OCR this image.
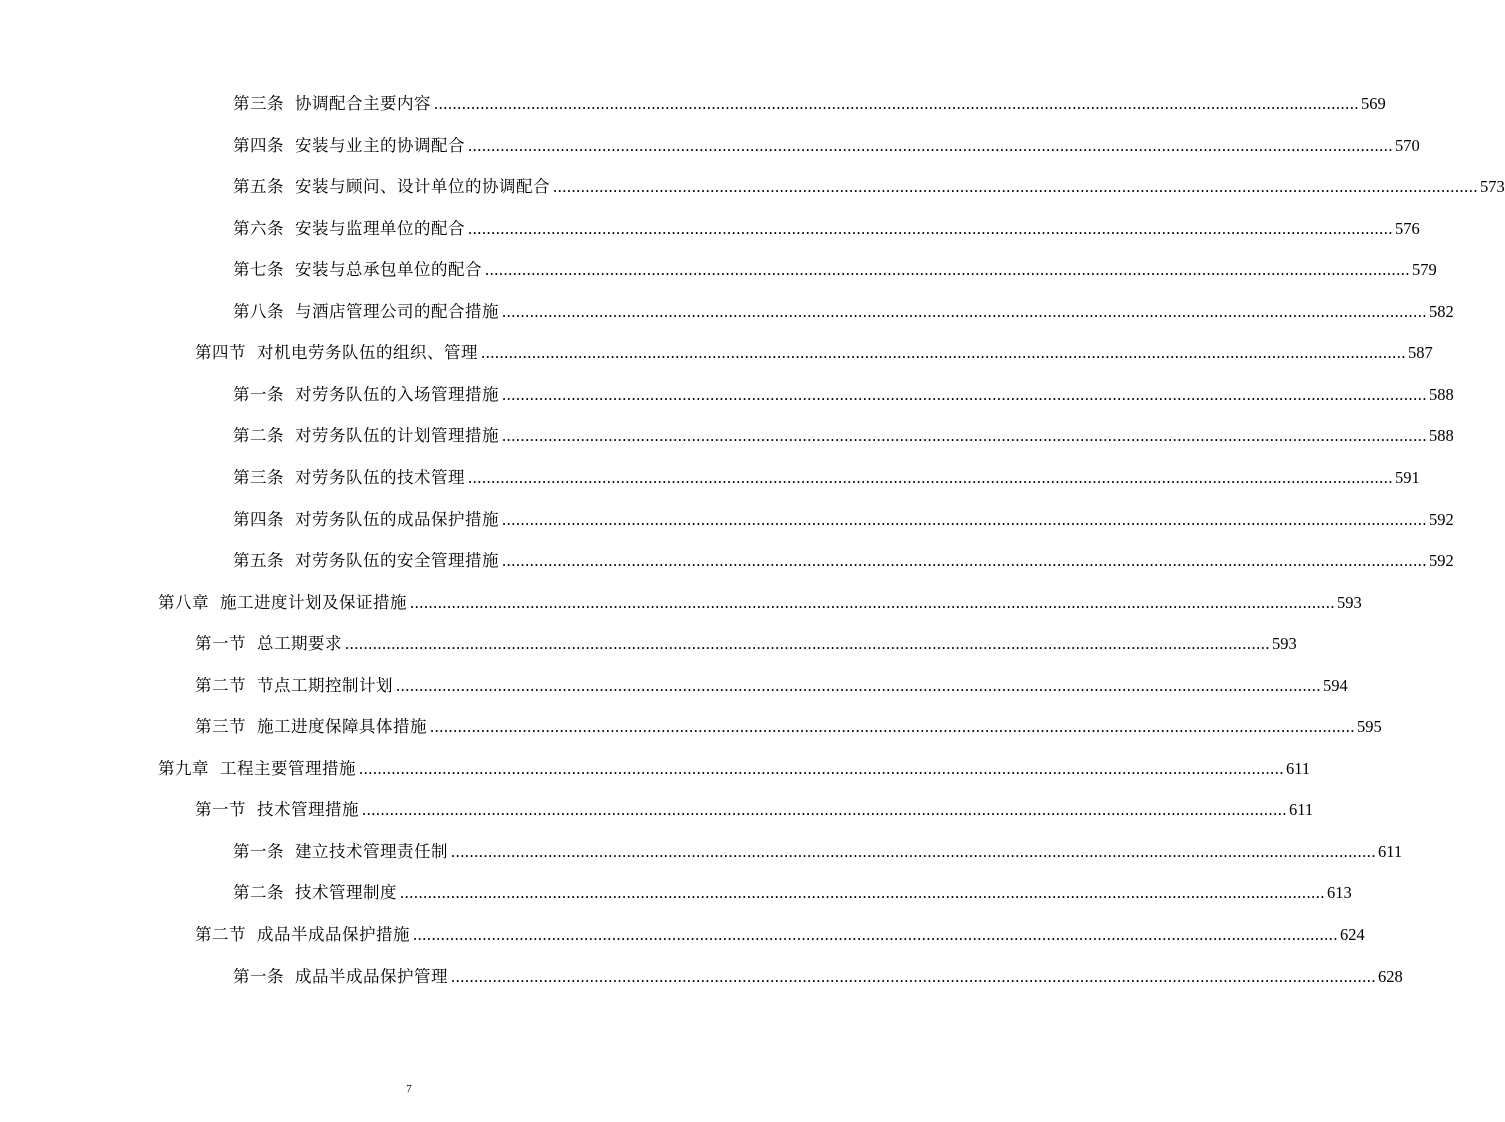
第三条 协调配合主要内容 ........................................................................................................................................................................................................ 569
第四条 安装与业主的协调配合 ........................................................................................................................................................................................................ 570
第五条 安装与顾问、设计单位的协调配合 ........................................................................................................................................................................................................ 573
第六条 安装与监理单位的配合 ........................................................................................................................................................................................................ 576
第七条 安装与总承包单位的配合 ........................................................................................................................................................................................................ 579
第八条 与酒店管理公司的配合措施 ........................................................................................................................................................................................................ 582
第四节 对机电劳务队伍的组织、管理 ........................................................................................................................................................................................................ 587
第一条 对劳务队伍的入场管理措施 ........................................................................................................................................................................................................ 588
第二条 对劳务队伍的计划管理措施 ........................................................................................................................................................................................................ 588
第三条 对劳务队伍的技术管理 ........................................................................................................................................................................................................ 591
第四条 对劳务队伍的成品保护措施 ........................................................................................................................................................................................................ 592
第五条 对劳务队伍的安全管理措施 ........................................................................................................................................................................................................ 592
第八章 施工进度计划及保证措施 ........................................................................................................................................................................................................ 593
第一节 总工期要求 ........................................................................................................................................................................................................ 593
第二节 节点工期控制计划 ........................................................................................................................................................................................................ 594
第三节 施工进度保障具体措施 ........................................................................................................................................................................................................ 595
第九章 工程主要管理措施 ........................................................................................................................................................................................................ 611
第一节 技术管理措施 ........................................................................................................................................................................................................ 611
第一条 建立技术管理责任制 ........................................................................................................................................................................................................ 611
第二条 技术管理制度 ........................................................................................................................................................................................................ 613
第二节 成品半成品保护措施 ........................................................................................................................................................................................................ 624
第一条 成品半成品保护管理 ........................................................................................................................................................................................................ 628
7
